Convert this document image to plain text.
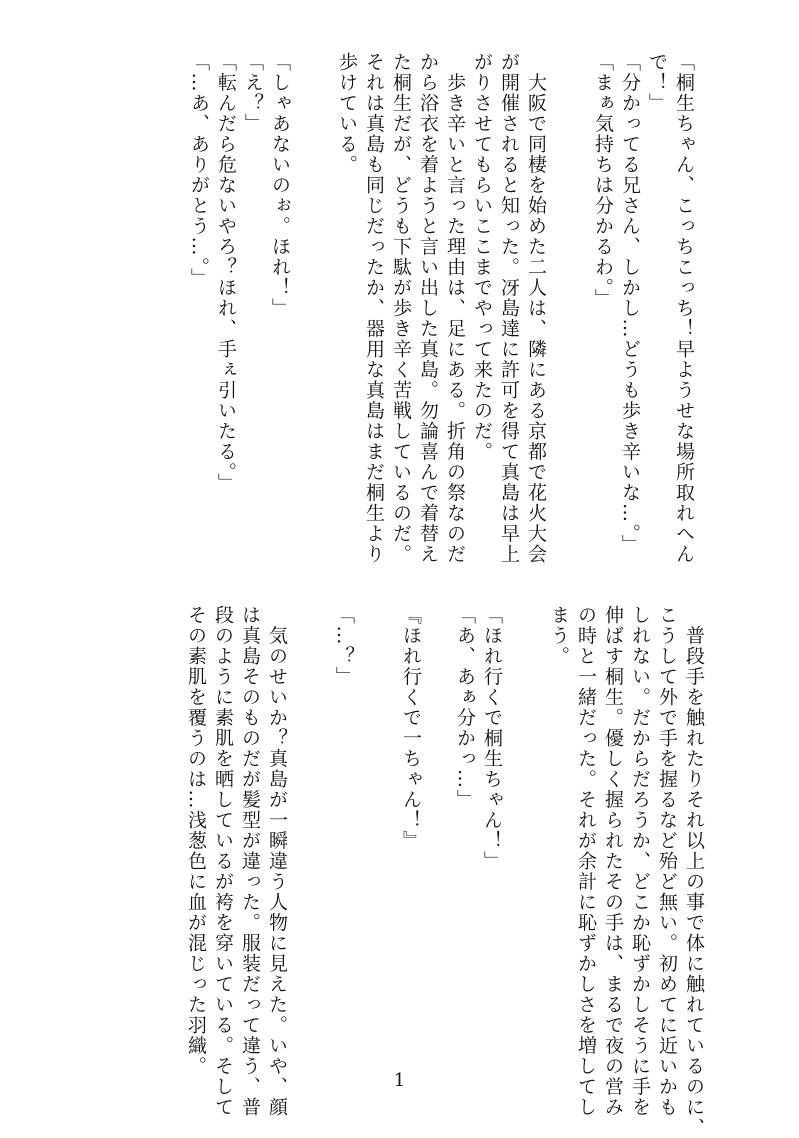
「桐生ちゃん、こっちこっち！早ようせな場所取れへん
で！」
「分かってる兄さん、しかし…どうも歩き辛いな…。」
「まぁ気持ちは分かるわ。」
　大阪で同棲を始めた二人は、隣にある京都で花火大会
が開催されると知った。冴島達に許可を得て真島は早上
がりさせてもらいここまでやって来たのだ。
　歩き辛いと言った理由は、足にある。折角の祭なのだ
から浴衣を着ようと言い出した真島。勿論喜んで着替え
た桐生だが、どうも下駄が歩き辛く苦戦しているのだ。
それは真島も同じだったか、器用な真島はまだ桐生より
歩けている。
「しゃあないのぉ。ほれ！」
「え？」
「転んだら危ないやろ？ほれ、手ぇ引いたる。」
「…あ、ありがとう…。」
　普段手を触れたりそれ以上の事で体に触れているのに、
こうして外で手を握るなど殆ど無い。初めてに近いかも
しれない。だからだろうか、どこか恥ずかしそうに手を
伸ばす桐生。優しく握られたその手は、まるで夜の営み
の時と一緒だった。それが余計に恥ずかしさを増してし
まう。
「ほれ行くで桐生ちゃん！」
「あ、あぁ分かっ…」
『ほれ行くで一ちゃん！』
「…？」
　気のせいか？真島が一瞬違う人物に見えた。いや、顔
は真島そのものだが髪型が違った。服装だって違う、普
段のように素肌を晒しているが袴を穿いている。そして
その素肌を覆うのは…浅葱色に血が混じった羽織。
1
